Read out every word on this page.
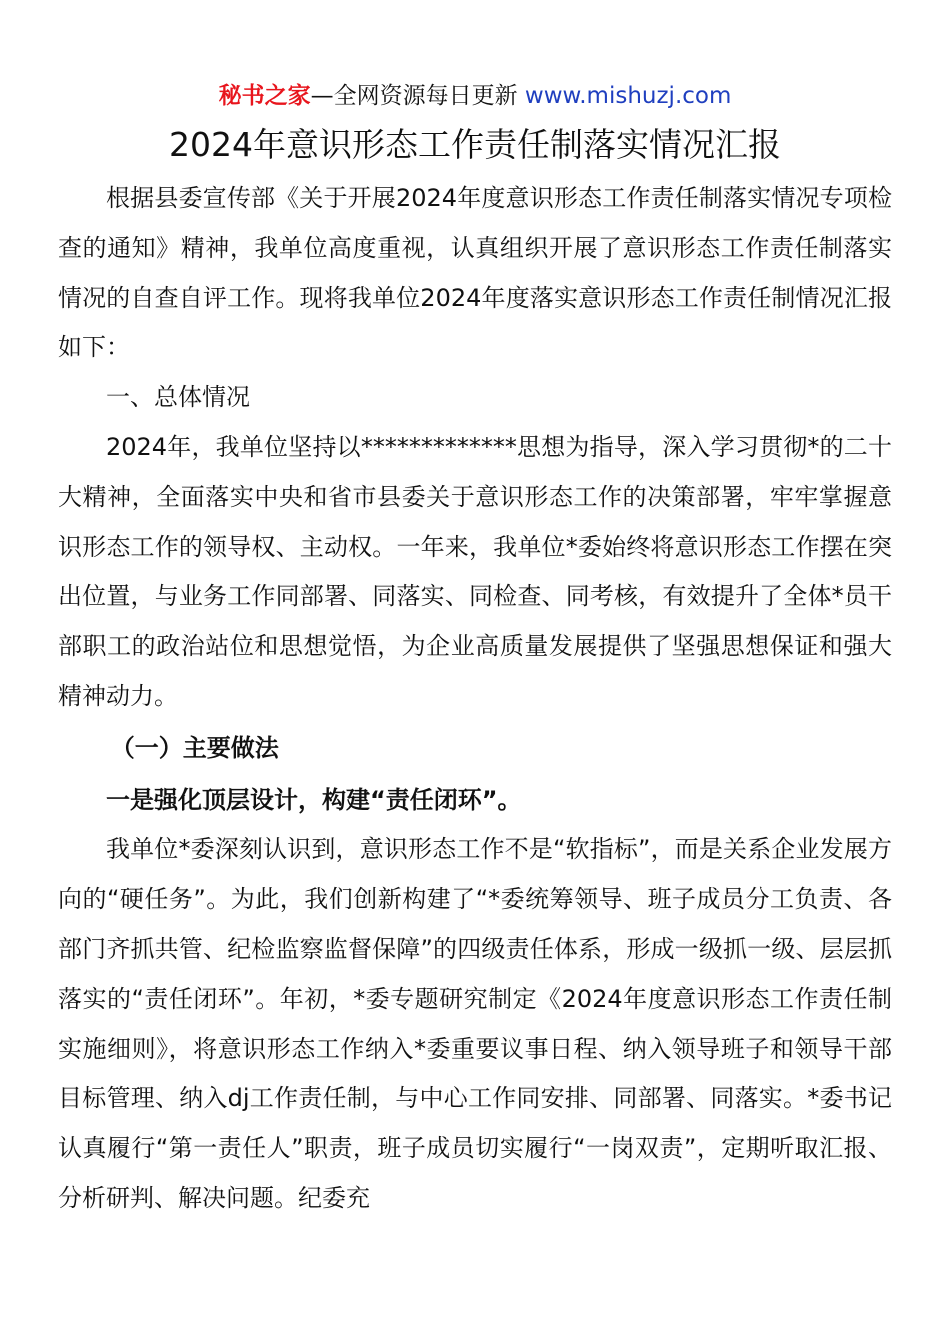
秘书之家—全网资源每日更新 www.mishuzj.com
2024年意识形态工作责任制落实情况汇报

根据县委宣传部《关于开展2024年度意识形态工作责任制落实情况专项检查的通知》精神，我单位高度重视，认真组织开展了意识形态工作责任制落实情况的自查自评工作。现将我单位2024年度落实意识形态工作责任制情况汇报如下：

一、总体情况

2024年，我单位坚持以*************思想为指导，深入学习贯彻*的二十大精神，全面落实中央和省市县委关于意识形态工作的决策部署，牢牢掌握意识形态工作的领导权、主动权。一年来，我单位*委始终将意识形态工作摆在突出位置，与业务工作同部署、同落实、同检查、同考核，有效提升了全体*员干部职工的政治站位和思想觉悟，为企业高质量发展提供了坚强思想保证和强大精神动力。

（一）主要做法

一是强化顶层设计，构建“责任闭环”。

我单位*委深刻认识到，意识形态工作不是“软指标”，而是关系企业发展方向的“硬任务”。为此，我们创新构建了“*委统筹领导、班子成员分工负责、各部门齐抓共管、纪检监察监督保障”的四级责任体系，形成一级抓一级、层层抓落实的“责任闭环”。年初，*委专题研究制定《2024年度意识形态工作责任制实施细则》，将意识形态工作纳入*委重要议事日程、纳入领导班子和领导干部目标管理、纳入dj工作责任制，与中心工作同安排、同部署、同落实。*委书记认真履行“第一责任人”职责，班子成员切实履行“一岗双责”，定期听取汇报、分析研判、解决问题。纪委充
